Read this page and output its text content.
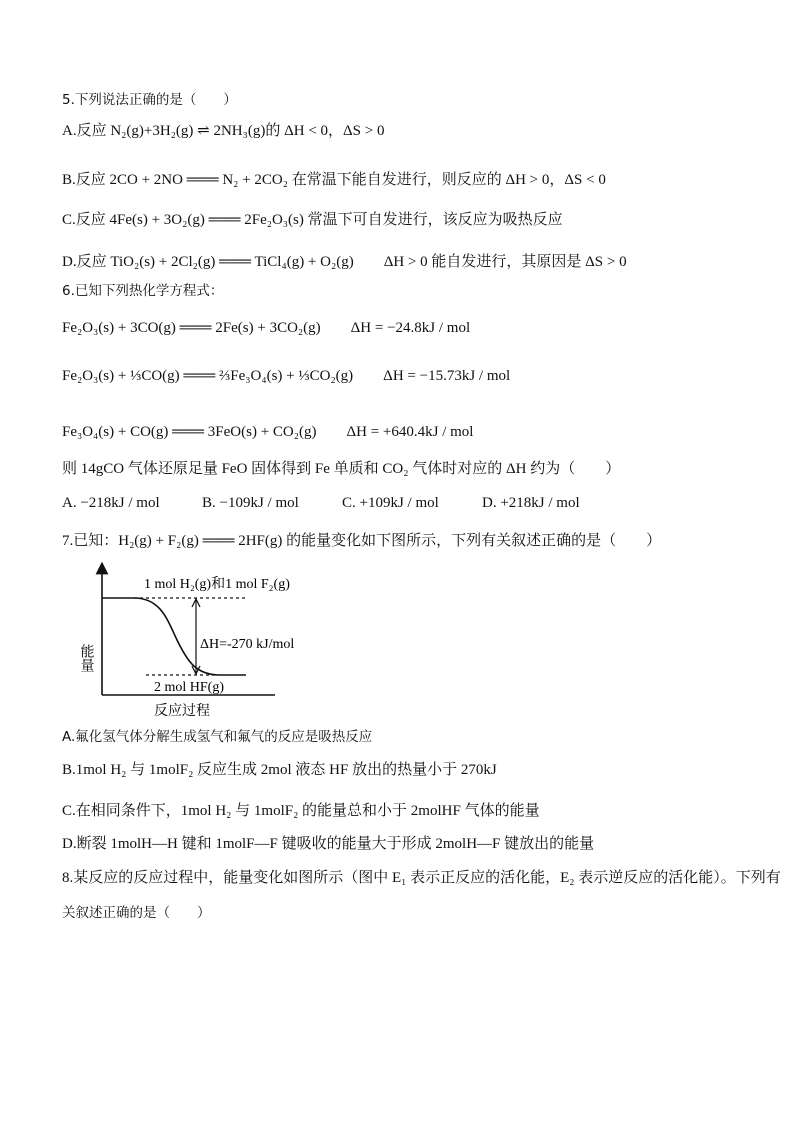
5.下列说法正确的是（　　）
A.反应 N₂(g)+3H₂(g) ⇌ 2NH₃(g)的 ΔH < 0，ΔS > 0
B.反应 2CO + 2NO ═══ N₂ + 2CO₂ 在常温下能自发进行，则反应的 ΔH > 0，ΔS < 0
C.反应 4Fe(s) + 3O₂(g) ═══ 2Fe₂O₃(s) 常温下可自发进行，该反应为吸热反应
D.反应 TiO₂(s) + 2Cl₂(g) ═══ TiCl₄(g) + O₂(g)　　ΔH > 0 能自发进行，其原因是 ΔS > 0
6.已知下列热化学方程式：
Fe₂O₃(s) + 3CO(g) ═══ 2Fe(s) + 3CO₂(g)　　ΔH = −24.8kJ / mol
Fe₂O₃(s) + ⅓CO(g) ═══ ⅔Fe₃O₄(s) + ⅓CO₂(g)　　ΔH = −15.73kJ / mol
Fe₃O₄(s) + CO(g) ═══ 3FeO(s) + CO₂(g)　　ΔH = +640.4kJ / mol
则 14gCO 气体还原足量 FeO 固体得到 Fe 单质和 CO₂ 气体时对应的 ΔH 约为（　　）
A. −218kJ / mol	B. −109kJ / mol	C. +109kJ / mol	D. +218kJ / mol
7.已知：H₂(g) + F₂(g) ═══ 2HF(g) 的能量变化如下图所示，下列有关叙述正确的是（　　）
1 mol H₂(g)和1 mol F₂(g)
ΔH=-270 kJ/mol
2 mol HF(g)
能量
反应过程
A.氟化氢气体分解生成氢气和氟气的反应是吸热反应
B.1mol H₂ 与 1molF₂ 反应生成 2mol 液态 HF 放出的热量小于 270kJ
C.在相同条件下，1mol H₂ 与 1molF₂ 的能量总和小于 2molHF 气体的能量
D.断裂 1molH—H 键和 1molF—F 键吸收的能量大于形成 2molH—F 键放出的能量
8.某反应的反应过程中，能量变化如图所示（图中 E₁ 表示正反应的活化能，E₂ 表示逆反应的活化能）。下列有
关叙述正确的是（　　）
